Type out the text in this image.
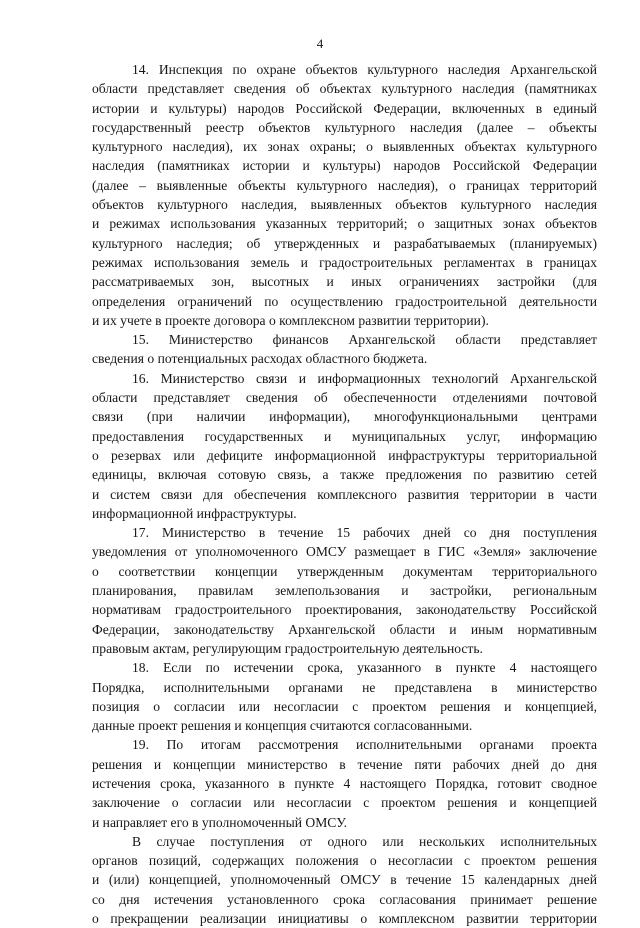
4
14. Инспекция по охране объектов культурного наследия Архангельской
области представляет сведения об объектах культурного наследия (памятниках
истории и культуры) народов Российской Федерации, включенных в единый
государственный реестр объектов культурного наследия (далее – объекты
культурного наследия), их зонах охраны; о выявленных объектах культурного
наследия (памятниках истории и культуры) народов Российской Федерации
(далее – выявленные объекты культурного наследия), о границах территорий
объектов культурного наследия, выявленных объектов культурного наследия
и режимах использования указанных территорий; о защитных зонах объектов
культурного наследия; об утвержденных и разрабатываемых (планируемых)
режимах использования земель и градостроительных регламентах в границах
рассматриваемых зон, высотных и иных ограничениях застройки (для
определения ограничений по осуществлению градостроительной деятельности
и их учете в проекте договора о комплексном развитии территории).
15. Министерство финансов Архангельской области представляет
сведения о потенциальных расходах областного бюджета.
16. Министерство связи и информационных технологий Архангельской
области представляет сведения об обеспеченности отделениями почтовой
связи (при наличии информации), многофункциональными центрами
предоставления государственных и муниципальных услуг, информацию
о резервах или дефиците информационной инфраструктуры территориальной
единицы, включая сотовую связь, а также предложения по развитию сетей
и систем связи для обеспечения комплексного развития территории в части
информационной инфраструктуры.
17. Министерство в течение 15 рабочих дней со дня поступления
уведомления от уполномоченного ОМСУ размещает в ГИС «Земля» заключение
о соответствии концепции утвержденным документам территориального
планирования, правилам землепользования и застройки, региональным
нормативам градостроительного проектирования, законодательству Российской
Федерации, законодательству Архангельской области и иным нормативным
правовым актам, регулирующим градостроительную деятельность.
18. Если по истечении срока, указанного в пункте 4 настоящего
Порядка, исполнительными органами не представлена в министерство
позиция о согласии или несогласии с проектом решения и концепцией,
данные проект решения и концепция считаются согласованными.
19. По итогам рассмотрения исполнительными органами проекта
решения и концепции министерство в течение пяти рабочих дней до дня
истечения срока, указанного в пункте 4 настоящего Порядка, готовит сводное
заключение о согласии или несогласии с проектом решения и концепцией
и направляет его в уполномоченный ОМСУ.
В случае поступления от одного или нескольких исполнительных
органов позиций, содержащих положения о несогласии с проектом решения
и (или) концепцией, уполномоченный ОМСУ в течение 15 календарных дней
со дня истечения установленного срока согласования принимает решение
о прекращении реализации инициативы о комплексном развитии территории
